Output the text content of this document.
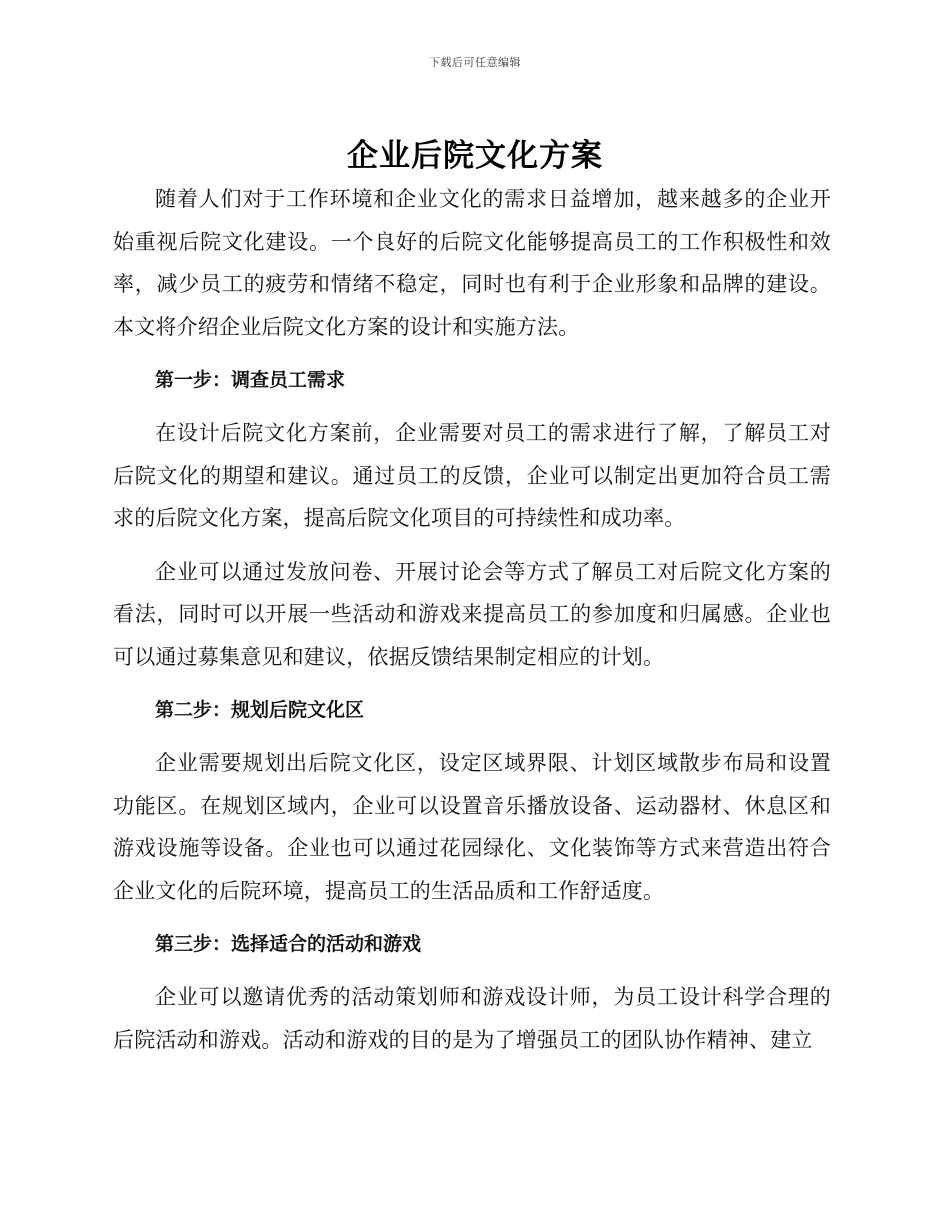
下载后可任意编辑
企业后院文化方案

随着人们对于工作环境和企业文化的需求日益增加，越来越多的企业开始重视后院文化建设。一个良好的后院文化能够提高员工的工作积极性和效率，减少员工的疲劳和情绪不稳定，同时也有利于企业形象和品牌的建设。本文将介绍企业后院文化方案的设计和实施方法。

第一步：调查员工需求

在设计后院文化方案前，企业需要对员工的需求进行了解，了解员工对后院文化的期望和建议。通过员工的反馈，企业可以制定出更加符合员工需求的后院文化方案，提高后院文化项目的可持续性和成功率。

企业可以通过发放问卷、开展讨论会等方式了解员工对后院文化方案的看法，同时可以开展一些活动和游戏来提高员工的参加度和归属感。企业也可以通过募集意见和建议，依据反馈结果制定相应的计划。

第二步：规划后院文化区

企业需要规划出后院文化区，设定区域界限、计划区域散步布局和设置功能区。在规划区域内，企业可以设置音乐播放设备、运动器材、休息区和游戏设施等设备。企业也可以通过花园绿化、文化装饰等方式来营造出符合企业文化的后院环境，提高员工的生活品质和工作舒适度。

第三步：选择适合的活动和游戏

企业可以邀请优秀的活动策划师和游戏设计师，为员工设计科学合理的后院活动和游戏。活动和游戏的目的是为了增强员工的团队协作精神、建立
